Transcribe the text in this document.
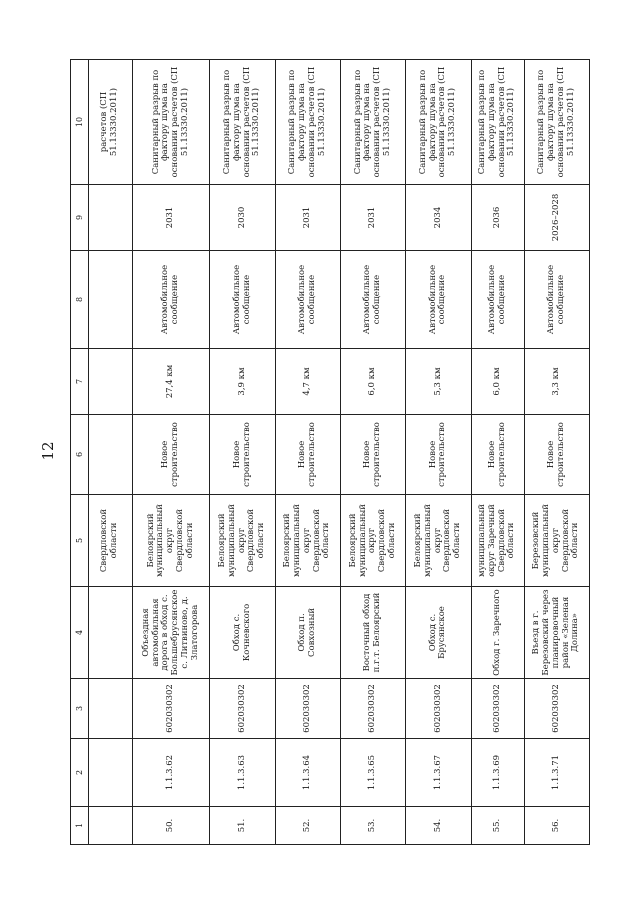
12
1	2	3	4	5	6	7	8	9	10
				Свердловской области					расчетов (СП 51.13330.2011)
50.	1.1.3.62	602030302	Объездная автомобильная дорога в обход с. Большебрусянское с. Литвиново, д. Златогорова	Белоярский муниципальный округ Свердловской области	Новое строительство	27,4 км	Автомобильное сообщение	2031	Санитарный разрыв по фактору шума на основании расчетов (СП 51.13330.2011)
51.	1.1.3.63	602030302	Обход с. Кочневского	Белоярский муниципальный округ Свердловской области	Новое строительство	3,9 км	Автомобильное сообщение	2030	Санитарный разрыв по фактору шума на основании расчетов (СП 51.13330.2011)
52.	1.1.3.64	602030302	Обход п. Совхозный	Белоярский муниципальный округ Свердловской области	Новое строительство	4,7 км	Автомобильное сообщение	2031	Санитарный разрыв по фактору шума на основании расчетов (СП 51.13330.2011)
53.	1.1.3.65	602030302	Восточный обход п.г.т. Белоярский	Белоярский муниципальный округ Свердловской области	Новое строительство	6,0 км	Автомобильное сообщение	2031	Санитарный разрыв по фактору шума на основании расчетов (СП 51.13330.2011)
54.	1.1.3.67	602030302	Обход с. Брусянское	Белоярский муниципальный округ Свердловской области	Новое строительство	5,3 км	Автомобильное сообщение	2034	Санитарный разрыв по фактору шума на основании расчетов (СП 51.13330.2011)
55.	1.1.3.69	602030302	Обход г. Заречного	муниципальный округ Заречный Свердловской области	Новое строительство	6,0 км	Автомобильное сообщение	2036	Санитарный разрыв по фактору шума на основании расчетов (СП 51.13330.2011)
56.	1.1.3.71	602030302	Въезд в г. Березовский через планировочный район «Зеленая Долина»	Березовский муниципальный округ Свердловской области	Новое строительство	3,3 км	Автомобильное сообщение	2026–2028	Санитарный разрыв по фактору шума на основании расчетов (СП 51.13330.2011)
